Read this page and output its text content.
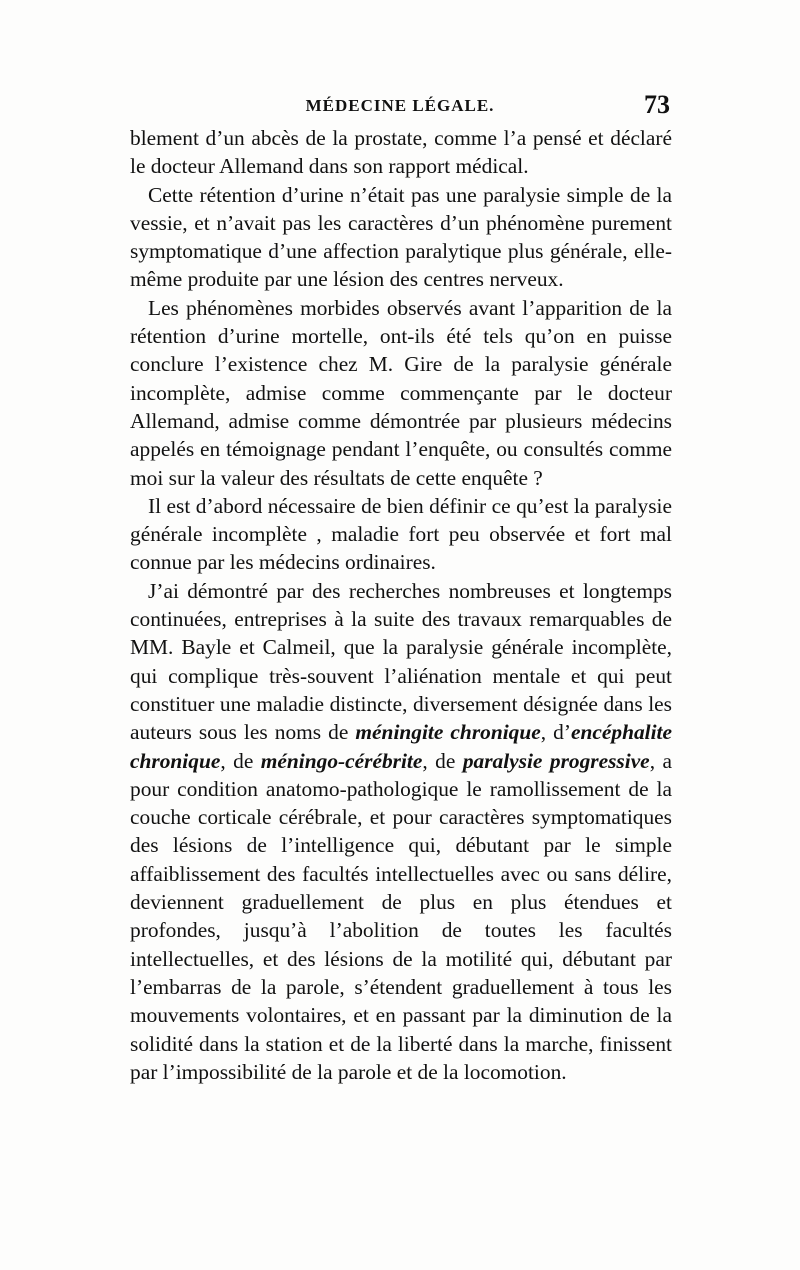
MÉDECINE LÉGALE.	73

blement d’un abcès de la prostate, comme l’a pensé et déclaré le docteur Allemand dans son rapport médical.

Cette rétention d’urine n’était pas une paralysie simple de la vessie, et n’avait pas les caractères d’un phénomène purement symptomatique d’une affection paralytique plus générale, elle-même produite par une lésion des centres nerveux.

Les phénomènes morbides observés avant l’apparition de la rétention d’urine mortelle, ont-ils été tels qu’on en puisse conclure l’existence chez M. Gire de la paralysie générale incomplète, admise comme commençante par le docteur Allemand, admise comme démontrée par plusieurs médecins appelés en témoignage pendant l’enquête, ou consultés comme moi sur la valeur des résultats de cette enquête ?

Il est d’abord nécessaire de bien définir ce qu’est la paralysie générale incomplète , maladie fort peu observée et fort mal connue par les médecins ordinaires.

J’ai démontré par des recherches nombreuses et longtemps continuées, entreprises à la suite des travaux remarquables de MM. Bayle et Calmeil, que la paralysie générale incomplète, qui complique très-souvent l’aliénation mentale et qui peut constituer une maladie distincte, diversement désignée dans les auteurs sous les noms de méningite chronique, d’encéphalite chronique, de méningo-cérébrite, de paralysie progressive, a pour condition anatomo-pathologique le ramollissement de la couche corticale cérébrale, et pour caractères symptomatiques des lésions de l’intelligence qui, débutant par le simple affaiblissement des facultés intellectuelles avec ou sans délire, deviennent graduellement de plus en plus étendues et profondes, jusqu’à l’abolition de toutes les facultés intellectuelles, et des lésions de la motilité qui, débutant par l’embarras de la parole, s’étendent graduellement à tous les mouvements volontaires, et en passant par la diminution de la solidité dans la station et de la liberté dans la marche, finissent par l’impossibilité de la parole et de la locomotion.
